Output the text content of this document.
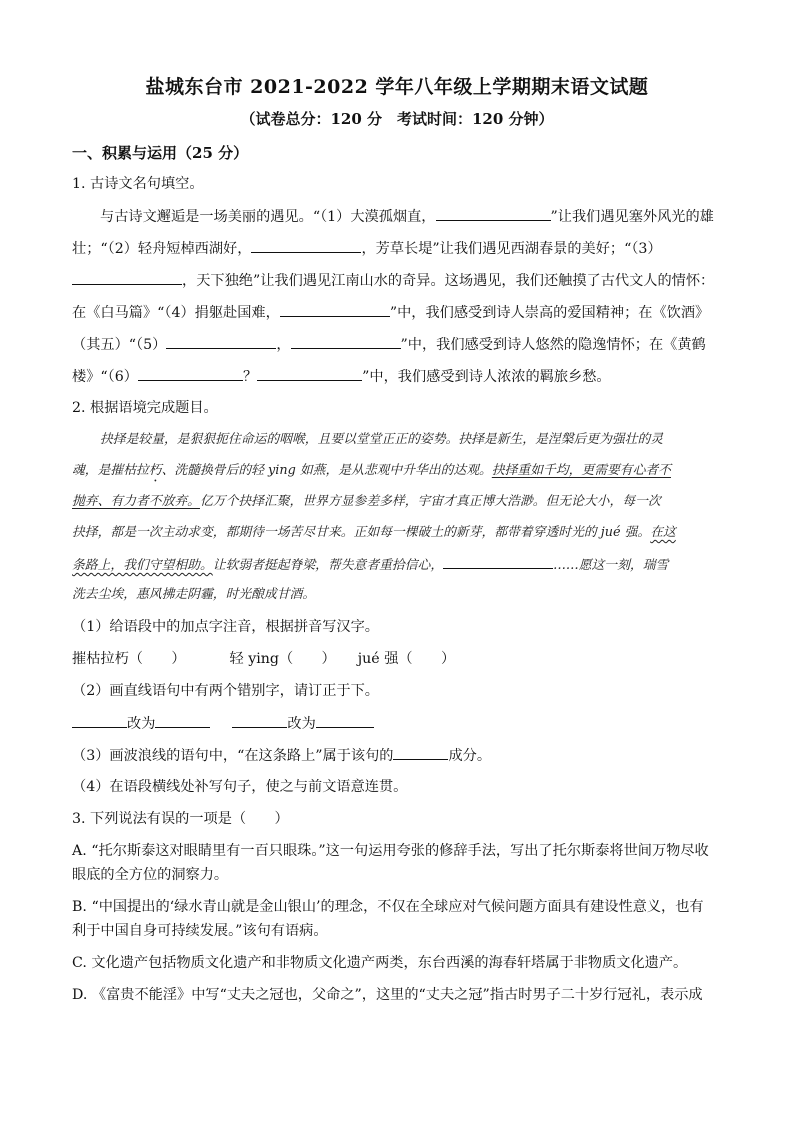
盐城东台市 2021-2022 学年八年级上学期期末语文试题
（试卷总分：120 分　考试时间：120 分钟）
一、积累与运用（25 分）
1. 古诗文名句填空。
与古诗文邂逅是一场美丽的遇见。“（1）大漠孤烟直，	”让我们遇见塞外风光的雄
壮；“（2）轻舟短棹西湖好，	，芳草长堤”让我们遇见西湖春景的美好；“（3）
，天下独绝”让我们遇见江南山水的奇异。这场遇见，我们还触摸了古代文人的情怀：
在《白马篇》“（4）捐躯赴国难，	”中，我们感受到诗人崇高的爱国精神；在《饮酒》
（其五）“（5）	，	”中，我们感受到诗人悠然的隐逸情怀；在《黄鹤
楼》“（6）	？	”中，我们感受到诗人浓浓的羁旅乡愁。
2. 根据语境完成题目。
抉择是较量，是狠狠扼住命运的咽喉，且要以堂堂正正的姿势。抉择是新生，是涅槃后更为强壮的灵
魂，是摧枯拉朽、洗髓换骨后的轻 ying 如燕，是从悲观中升华出的达观。抉择重如千均，更需要有心者不
抛弃、有力者不放弃。亿万个抉择汇聚，世界方显参差多样，宇宙才真正博大浩渺。但无论大小，每一次
抉择，都是一次主动求变，都期待一场苦尽甘来。正如每一棵破土的新芽，都带着穿透时光的 jué 强。在这
条路上，我们守望相助。让软弱者挺起脊梁，帮失意者重拾信心，	……愿这一刻，瑞雪
洗去尘埃，惠风拂走阴霾，时光酿成甘酒。
（1）给语段中的加点字注音，根据拼音写汉字。
摧枯拉朽（　　）	轻 ying（　　） jué 强（　　）
（2）画直线语句中有两个错别字，请订正于下。
改为	改为
（3）画波浪线的语句中，“在这条路上”属于该句的	成分。
（4）在语段横线处补写句子，使之与前文语意连贯。
3. 下列说法有误的一项是（　　）
A. “托尔斯泰这对眼睛里有一百只眼珠。”这一句运用夸张的修辞手法，写出了托尔斯泰将世间万物尽收
眼底的全方位的洞察力。
B. “中国提出的‘绿水青山就是金山银山’的理念，不仅在全球应对气候问题方面具有建设性意义，也有
利于中国自身可持续发展。”该句有语病。
C. 文化遗产包括物质文化遗产和非物质文化遗产两类，东台西溪的海春轩塔属于非物质文化遗产。
D. 《富贵不能淫》中写“丈夫之冠也，父命之”，这里的“丈夫之冠”指古时男子二十岁行冠礼，表示成
